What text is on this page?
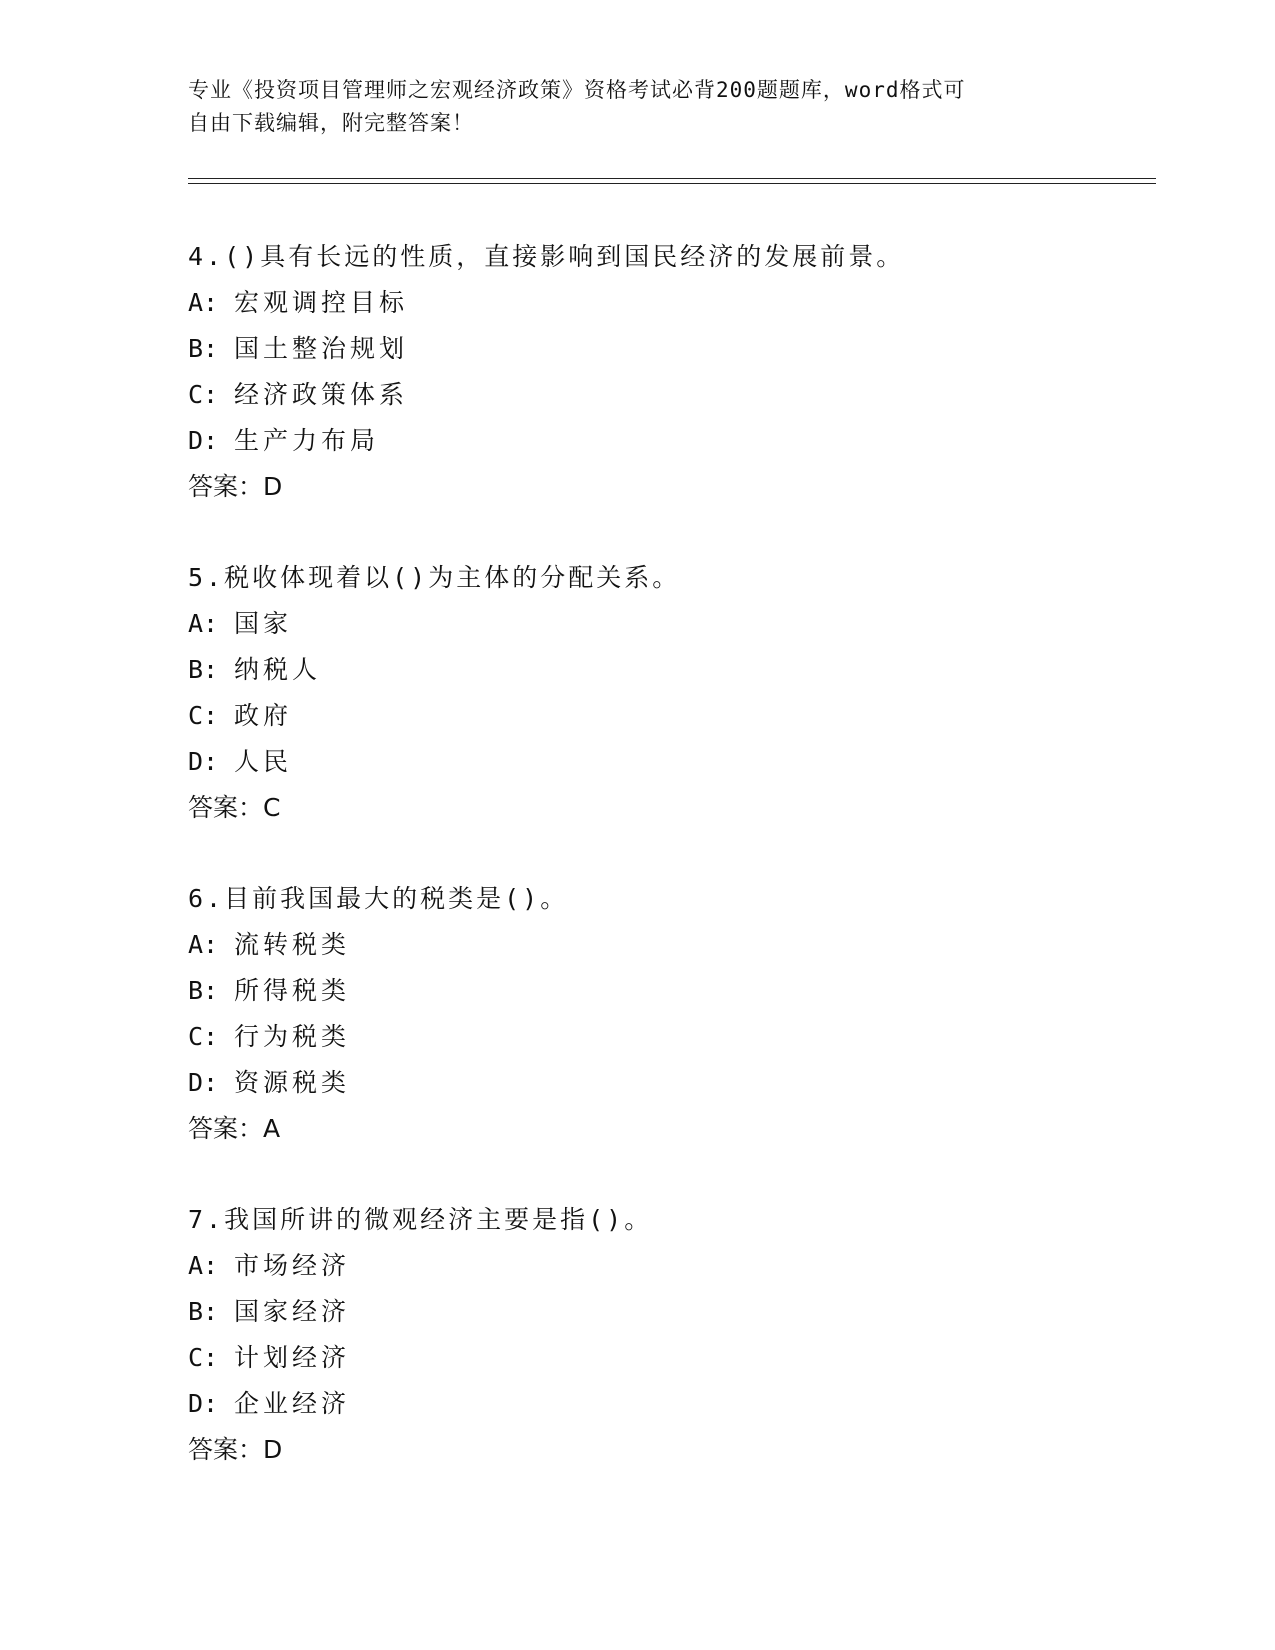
专业《投资项目管理师之宏观经济政策》资格考试必背200题题库，word格式可
自由下载编辑，附完整答案！
4.()具有长远的性质，直接影响到国民经济的发展前景。
A: 宏观调控目标
B: 国土整治规划
C: 经济政策体系
D: 生产力布局
答案：D
5.税收体现着以()为主体的分配关系。
A: 国家
B: 纳税人
C: 政府
D: 人民
答案：C
6.目前我国最大的税类是()。
A: 流转税类
B: 所得税类
C: 行为税类
D: 资源税类
答案：A
7.我国所讲的微观经济主要是指()。
A: 市场经济
B: 国家经济
C: 计划经济
D: 企业经济
答案：D
